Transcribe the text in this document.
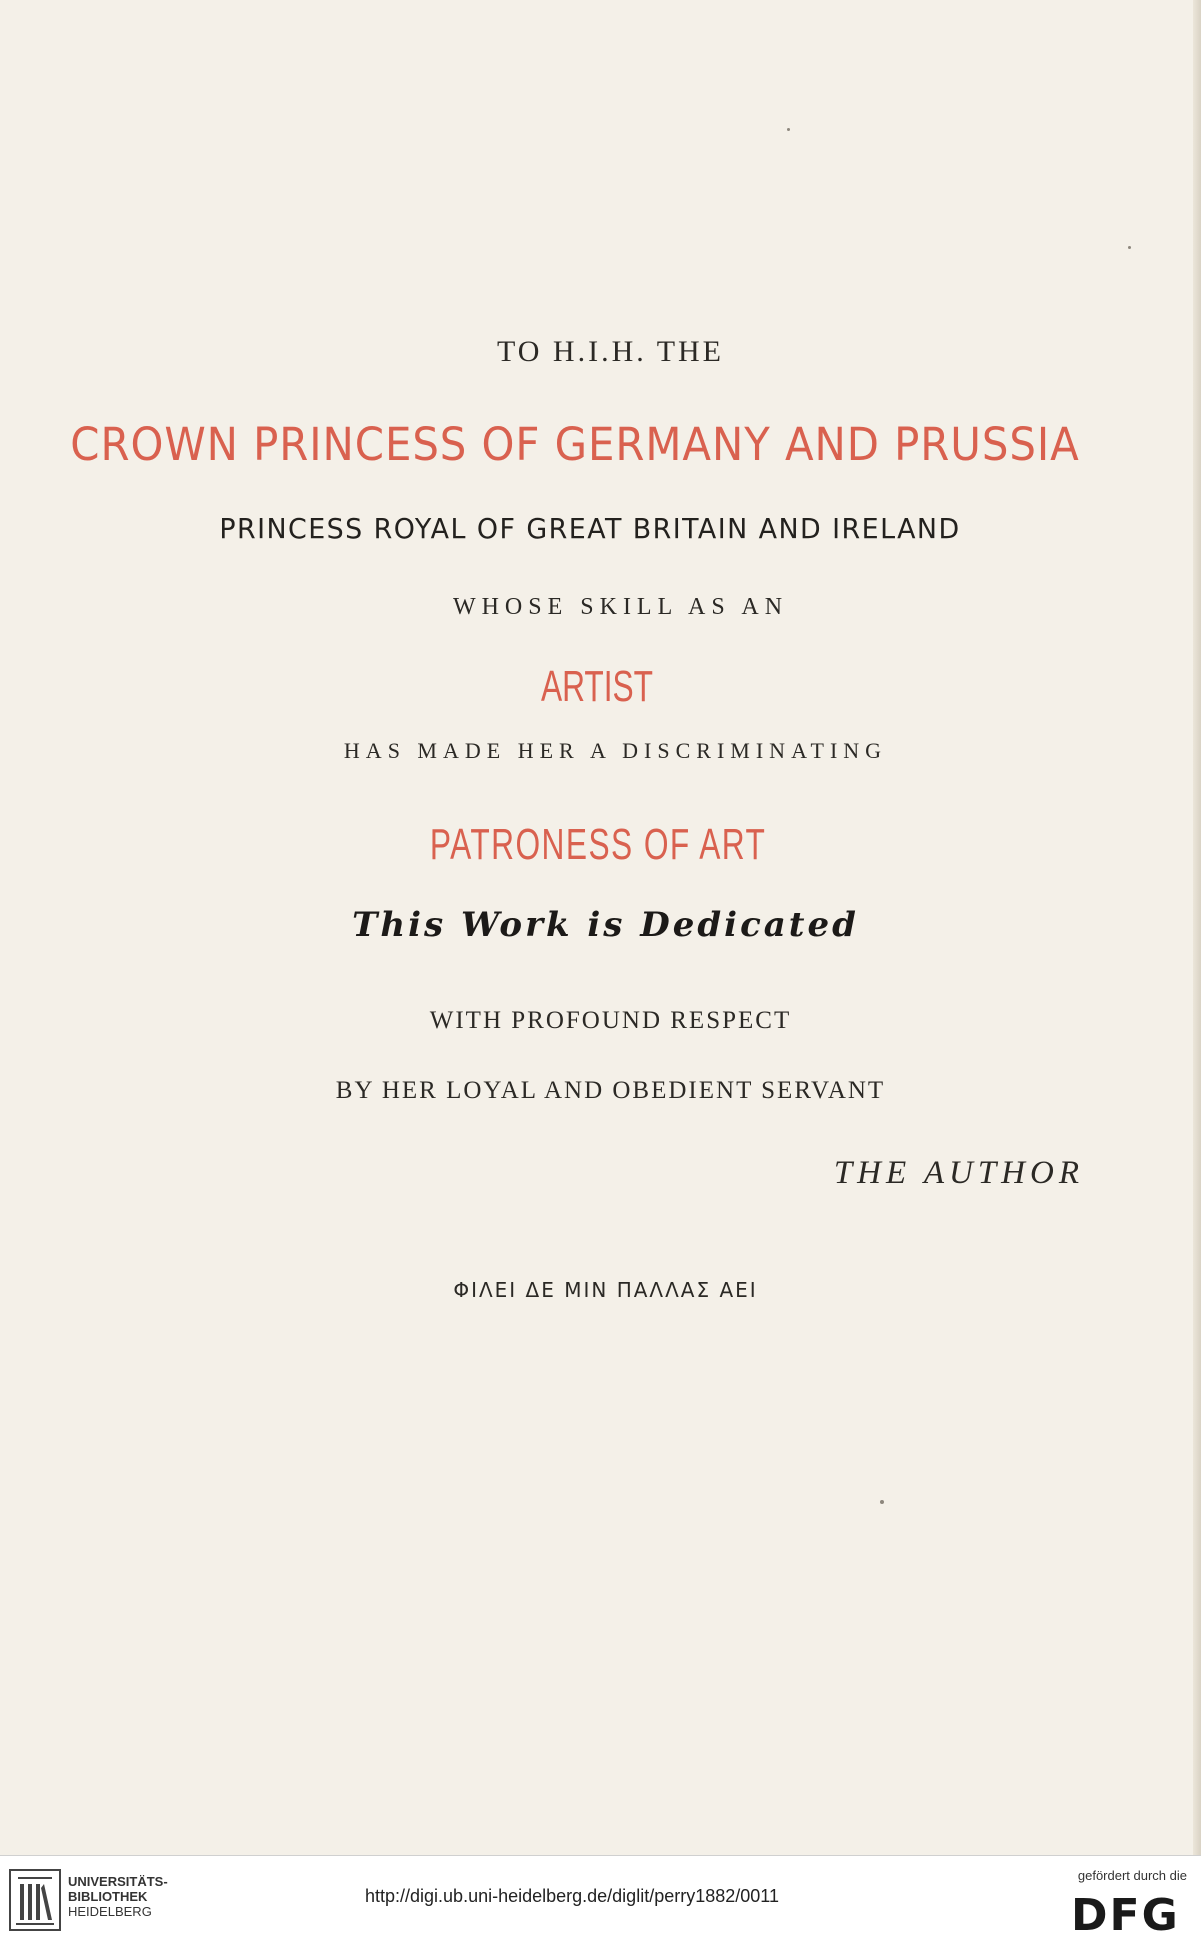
TO H.I.H. THE
CROWN PRINCESS OF GERMANY AND PRUSSIA
PRINCESS ROYAL OF GREAT BRITAIN AND IRELAND
WHOSE SKILL AS AN
ARTIST
HAS MADE HER A DISCRIMINATING
PATRONESS OF ART
This Work is Dedicated
WITH PROFOUND RESPECT
BY HER LOYAL AND OBEDIENT SERVANT
THE AUTHOR
ΦΙΛΕΙ ΔΕ ΜΙΝ ΠΑΛΛΑΣ ΑΕΙ
UNIVERSITÄTS-
BIBLIOTHEK
HEIDELBERG
http://digi.ub.uni-heidelberg.de/diglit/perry1882/0011
gefördert durch die
DFG
